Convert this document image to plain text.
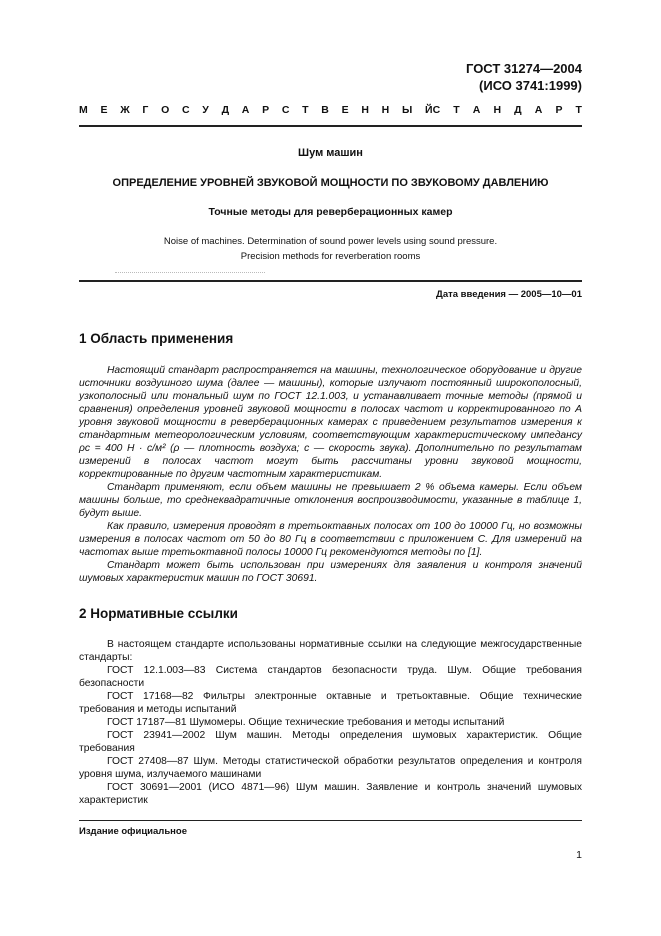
ГОСТ 31274—2004
(ИСО 3741:1999)
М Е Ж Г О С У Д А Р С Т В Е Н Н Ы Й С Т А Н Д А Р Т
Шум машин
ОПРЕДЕЛЕНИЕ УРОВНЕЙ ЗВУКОВОЙ МОЩНОСТИ ПО ЗВУКОВОМУ ДАВЛЕНИЮ
Точные методы для реверберационных камер
Noise of machines. Determination of sound power levels using sound pressure.
Precision methods for reverberation rooms
Дата введения — 2005—10—01
1 Область применения

Настоящий стандарт распространяется на машины, технологическое оборудование и другие источники воздушного шума (далее — машины), которые излучают постоянный широкополосный, узкополосный или тональный шум по ГОСТ 12.1.003, и устанавливает точные методы (прямой и сравнения) определения уровней звуковой мощности в полосах частот и корректированного по А уровня звуковой мощности в реверберационных камерах с приведением результатов измерения к стандартным метеорологическим условиям, соответствующим характеристическому импедансу ρc = 400 Н · с/м² (ρ — плотность воздуха; с — скорость звука). Дополнительно по результатам измерений в полосах частот могут быть рассчитаны уровни звуковой мощности, корректированные по другим частотным характеристикам.

Стандарт применяют, если объем машины не превышает 2 % объема камеры. Если объем машины больше, то среднеквадратичные отклонения воспроизводимости, указанные в таблице 1, будут выше.

Как правило, измерения проводят в третьоктавных полосах от 100 до 10000 Гц, но возможны измерения в полосах частот от 50 до 80 Гц в соответствии с приложением С. Для измерений на частотах выше третьоктавной полосы 10000 Гц рекомендуются методы по [1].

Стандарт может быть использован при измерениях для заявления и контроля значений шумовых характеристик машин по ГОСТ 30691.

2 Нормативные ссылки

В настоящем стандарте использованы нормативные ссылки на следующие межгосударственные стандарты:

ГОСТ 12.1.003—83 Система стандартов безопасности труда. Шум. Общие требования безопасности

ГОСТ 17168—82 Фильтры электронные октавные и третьоктавные. Общие технические требования и методы испытаний

ГОСТ 17187—81 Шумомеры. Общие технические требования и методы испытаний

ГОСТ 23941—2002 Шум машин. Методы определения шумовых характеристик. Общие требования

ГОСТ 27408—87 Шум. Методы статистической обработки результатов определения и контроля уровня шума, излучаемого машинами

ГОСТ 30691—2001 (ИСО 4871—96) Шум машин. Заявление и контроль значений шумовых характеристик

Издание официальное
1
